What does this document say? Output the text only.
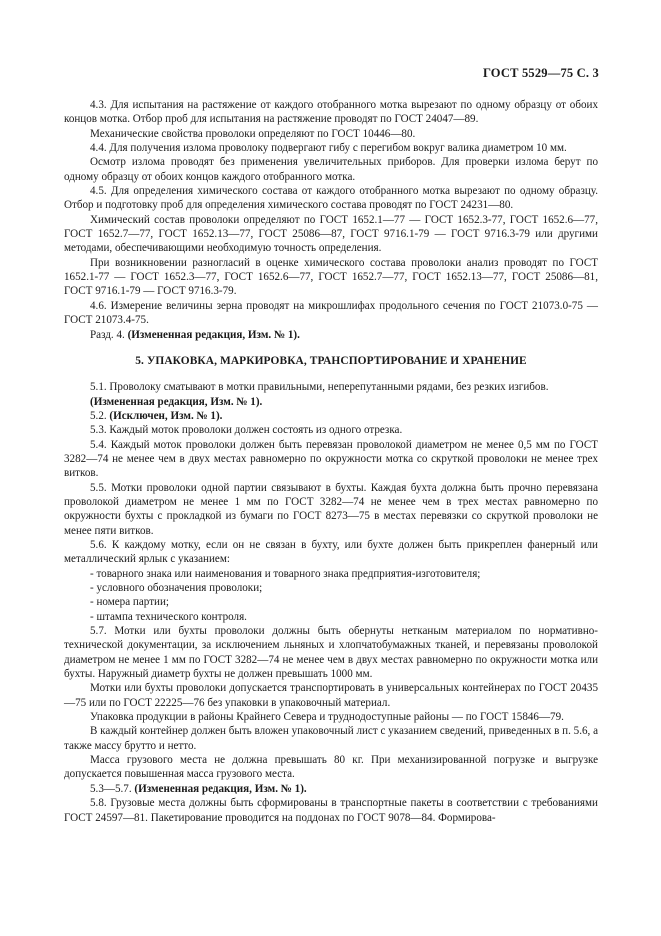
ГОСТ 5529—75 С. 3

4.3. Для испытания на растяжение от каждого отобранного мотка вырезают по одному образцу от обоих концов мотка. Отбор проб для испытания на растяжение проводят по ГОСТ 24047—89.

Механические свойства проволоки определяют по ГОСТ 10446—80.

4.4. Для получения излома проволоку подвергают гибу с перегибом вокруг валика диаметром 10 мм.

Осмотр излома проводят без применения увеличительных приборов. Для проверки излома берут по одному образцу от обоих концов каждого отобранного мотка.

4.5. Для определения химического состава от каждого отобранного мотка вырезают по одному образцу. Отбор и подготовку проб для определения химического состава проводят по ГОСТ 24231—80.

Химический состав проволоки определяют по ГОСТ 1652.1—77 — ГОСТ 1652.3-77, ГОСТ 1652.6—77, ГОСТ 1652.7—77, ГОСТ 1652.13—77, ГОСТ 25086—87, ГОСТ 9716.1-79 — ГОСТ 9716.3-79 или другими методами, обеспечивающими необходимую точность определения.

При возникновении разногласий в оценке химического состава проволоки анализ проводят по ГОСТ 1652.1-77 — ГОСТ 1652.3—77, ГОСТ 1652.6—77, ГОСТ 1652.7—77, ГОСТ 1652.13—77, ГОСТ 25086—81, ГОСТ 9716.1-79 — ГОСТ 9716.3-79.

4.6. Измерение величины зерна проводят на микрошлифах продольного сечения по ГОСТ 21073.0-75 — ГОСТ 21073.4-75.

Разд. 4. (Измененная редакция, Изм. № 1).

5. УПАКОВКА, МАРКИРОВКА, ТРАНСПОРТИРОВАНИЕ И ХРАНЕНИЕ

5.1. Проволоку сматывают в мотки правильными, неперепутанными рядами, без резких изгибов.

(Измененная редакция, Изм. № 1).

5.2. (Исключен, Изм. № 1).

5.3. Каждый моток проволоки должен состоять из одного отрезка.

5.4. Каждый моток проволоки должен быть перевязан проволокой диаметром не менее 0,5 мм по ГОСТ 3282—74 не менее чем в двух местах равномерно по окружности мотка со скруткой проволоки не менее трех витков.

5.5. Мотки проволоки одной партии связывают в бухты. Каждая бухта должна быть прочно перевязана проволокой диаметром не менее 1 мм по ГОСТ 3282—74 не менее чем в трех местах равномерно по окружности бухты с прокладкой из бумаги по ГОСТ 8273—75 в местах перевязки со скруткой проволоки не менее пяти витков.

5.6. К каждому мотку, если он не связан в бухту, или бухте должен быть прикреплен фанерный или металлический ярлык с указанием:

- товарного знака или наименования и товарного знака предприятия-изготовителя;

- условного обозначения проволоки;

- номера партии;

- штампа технического контроля.

5.7. Мотки или бухты проволоки должны быть обернуты нетканым материалом по нормативно-технической документации, за исключением льняных и хлопчатобумажных тканей, и перевязаны проволокой диаметром не менее 1 мм по ГОСТ 3282—74 не менее чем в двух местах равномерно по окружности мотка или бухты. Наружный диаметр бухты не должен превышать 1000 мм.

Мотки или бухты проволоки допускается транспортировать в универсальных контейнерах по ГОСТ 20435—75 или по ГОСТ 22225—76 без упаковки в упаковочный материал.

Упаковка продукции в районы Крайнего Севера и труднодоступные районы — по ГОСТ 15846—79.

В каждый контейнер должен быть вложен упаковочный лист с указанием сведений, приведенных в п. 5.6, а также массу брутто и нетто.

Масса грузового места не должна превышать 80 кг. При механизированной погрузке и выгрузке допускается повышенная масса грузового места.

5.3—5.7. (Измененная редакция, Изм. № 1).

5.8. Грузовые места должны быть сформированы в транспортные пакеты в соответствии с требованиями ГОСТ 24597—81. Пакетирование проводится на поддонах по ГОСТ 9078—84. Формирова-
